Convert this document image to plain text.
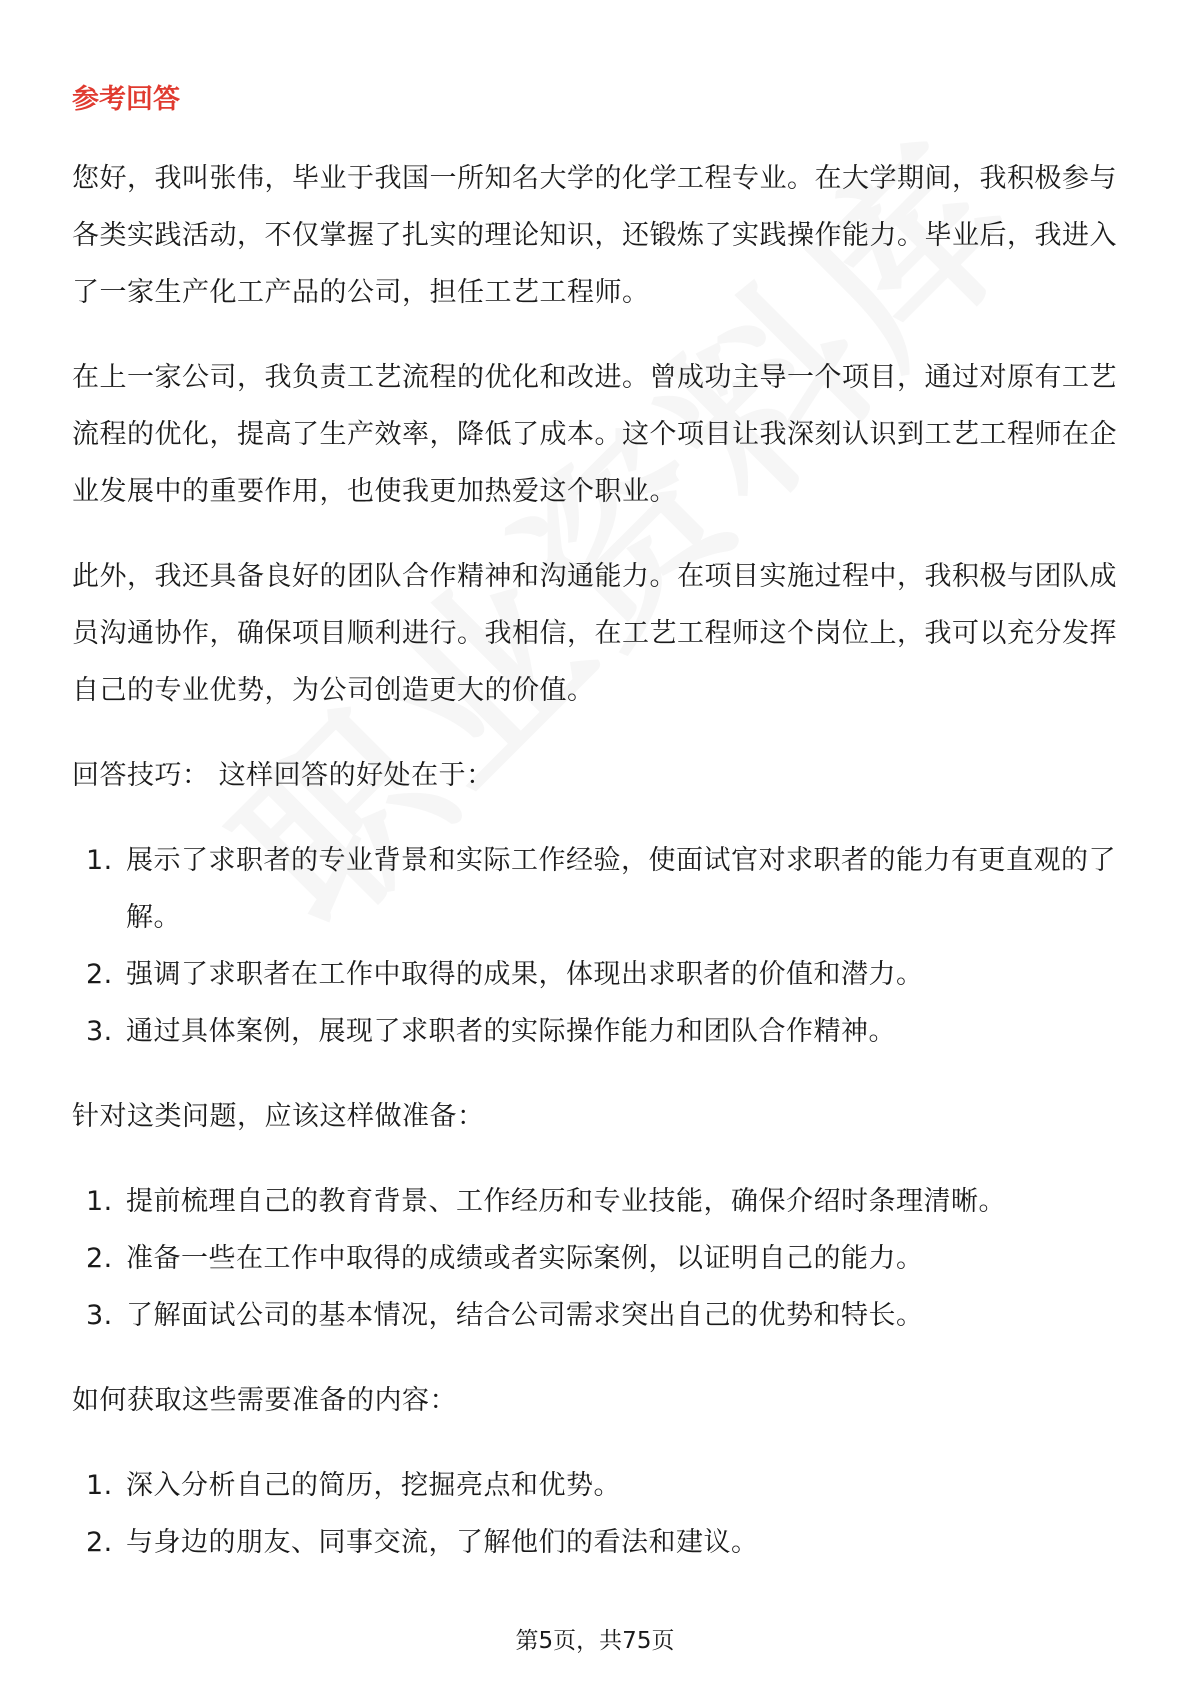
参考回答

您好，我叫张伟，毕业于我国一所知名大学的化学工程专业。在大学期间，我积极参与各类实践活动，不仅掌握了扎实的理论知识，还锻炼了实践操作能力。毕业后，我进入了一家生产化工产品的公司，担任工艺工程师。

在上一家公司，我负责工艺流程的优化和改进。曾成功主导一个项目，通过对原有工艺流程的优化，提高了生产效率，降低了成本。这个项目让我深刻认识到工艺工程师在企业发展中的重要作用，也使我更加热爱这个职业。

此外，我还具备良好的团队合作精神和沟通能力。在项目实施过程中，我积极与团队成员沟通协作，确保项目顺利进行。我相信，在工艺工程师这个岗位上，我可以充分发挥自己的专业优势，为公司创造更大的价值。

回答技巧： 这样回答的好处在于：

1. 展示了求职者的专业背景和实际工作经验，使面试官对求职者的能力有更直观的了解。
2. 强调了求职者在工作中取得的成果，体现出求职者的价值和潜力。
3. 通过具体案例，展现了求职者的实际操作能力和团队合作精神。

针对这类问题，应该这样做准备：

1. 提前梳理自己的教育背景、工作经历和专业技能，确保介绍时条理清晰。
2. 准备一些在工作中取得的成绩或者实际案例，以证明自己的能力。
3. 了解面试公司的基本情况，结合公司需求突出自己的优势和特长。

如何获取这些需要准备的内容：

1. 深入分析自己的简历，挖掘亮点和优势。
2. 与身边的朋友、同事交流，了解他们的看法和建议。
第5页，共75页
